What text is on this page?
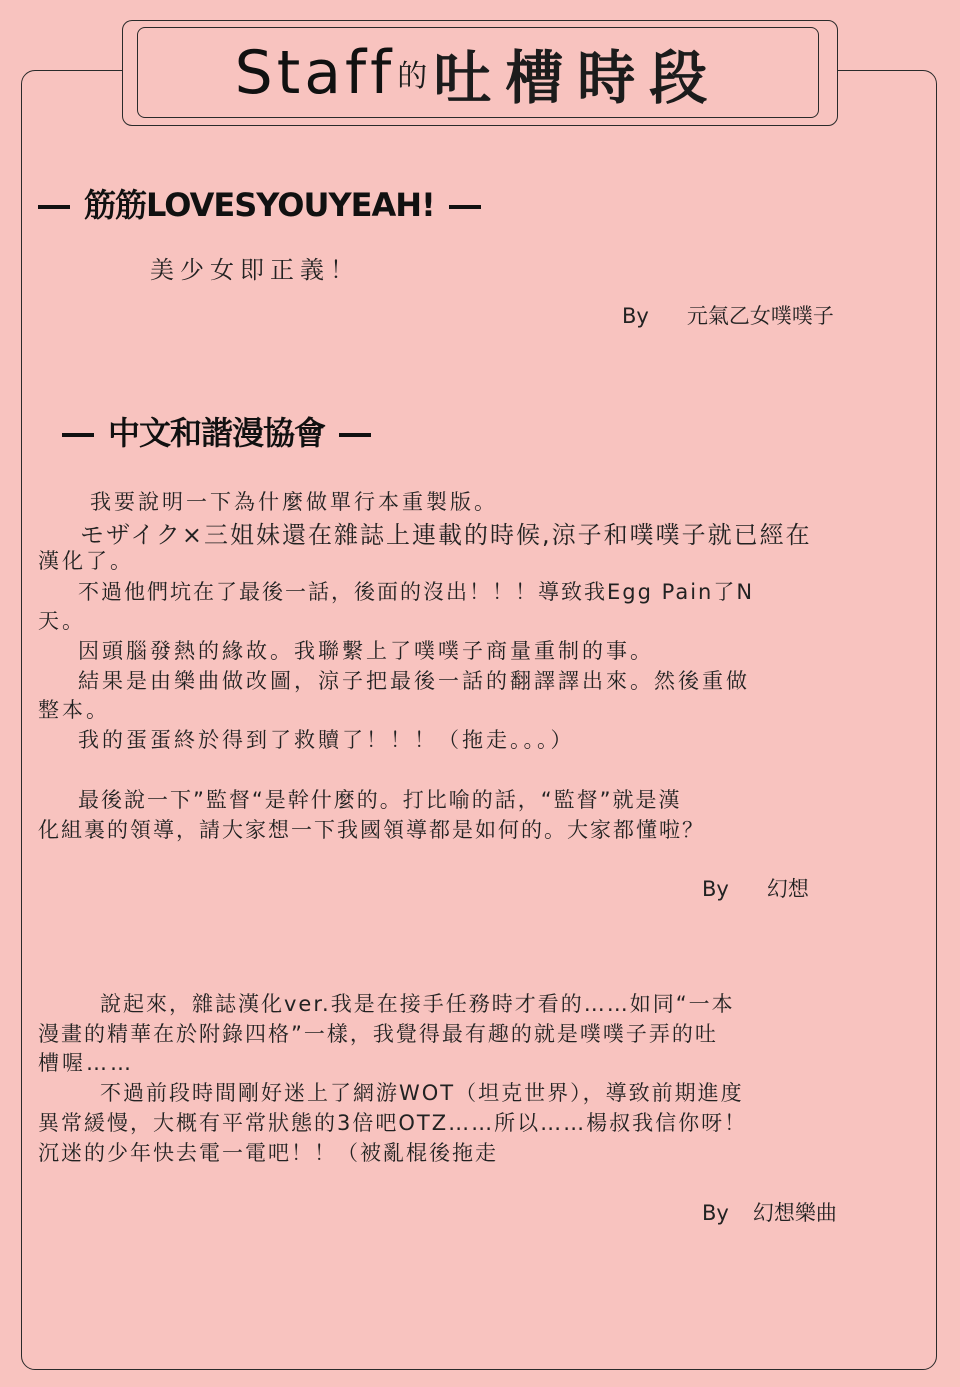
Staff 的 吐槽時段
筋筋LOVESYOUYEAH!
美少女即正義！
By 元氣乙女噗噗子
中文和諧漫協會
我要說明一下為什麼做單行本重製版。
モザイク×三姐妹還在雜誌上連載的時候,涼子和噗噗子就已經在
漢化了。
不過他們坑在了最後一話，後面的沒出！！！導致我Egg Pain了N
天。
因頭腦發熱的緣故。我聯繫上了噗噗子商量重制的事。
結果是由樂曲做改圖，涼子把最後一話的翻譯譯出來。然後重做
整本。
我的蛋蛋終於得到了救贖了！！！（拖走。。。）
最後說一下”監督“是幹什麼的。打比喻的話，“監督”就是漢
化組裏的領導，請大家想一下我國領導都是如何的。大家都懂啦？
By 幻想
說起來，雜誌漢化ver.我是在接手任務時才看的……如同“一本
漫畫的精華在於附錄四格”一樣，我覺得最有趣的就是噗噗子弄的吐
槽喔……
不過前段時間剛好迷上了網游WOT（坦克世界），導致前期進度
異常緩慢，大概有平常狀態的3倍吧OTZ……所以……楊叔我信你呀！
沉迷的少年快去電一電吧！！（被亂棍後拖走
By 幻想樂曲
